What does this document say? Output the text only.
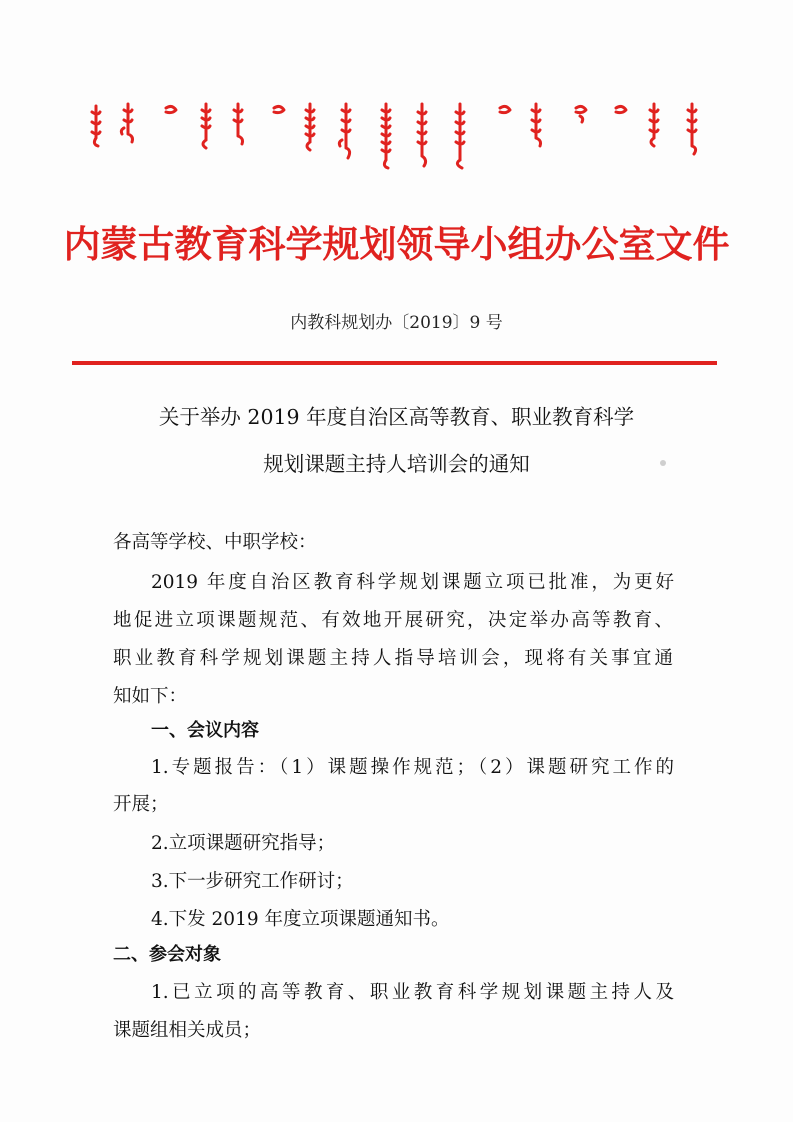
内蒙古教育科学规划领导小组办公室文件
内教科规划办〔2019〕9 号
关于举办 2019 年度自治区高等教育、职业教育科学
规划课题主持人培训会的通知
各高等学校、中职学校：
2019 年度自治区教育科学规划课题立项已批准，为更好
地促进立项课题规范、有效地开展研究，决定举办高等教育、
职业教育科学规划课题主持人指导培训会，现将有关事宜通
知如下：
一、会议内容
1.专题报告：（1）课题操作规范；（2）课题研究工作的
开展；
2.立项课题研究指导；
3.下一步研究工作研讨；
4.下发 2019 年度立项课题通知书。
二、参会对象
1.已立项的高等教育、职业教育科学规划课题主持人及
课题组相关成员；
